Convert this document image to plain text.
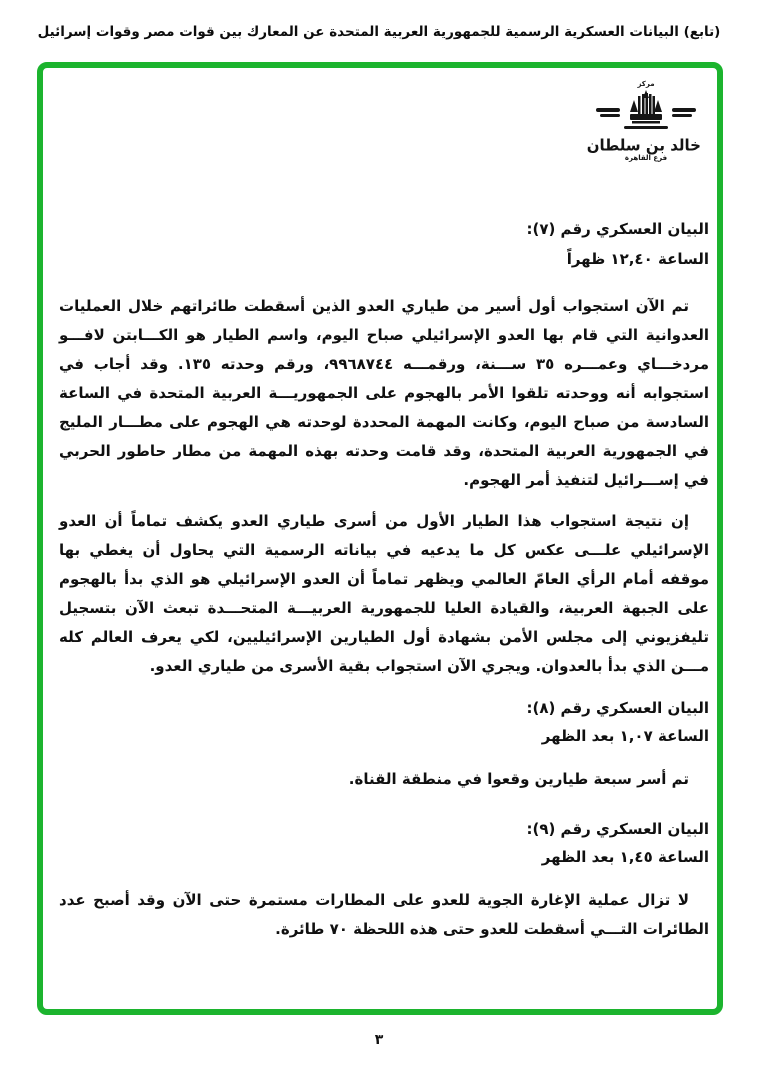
(تابع) البيانات العسكرية الرسمية للجمهورية العربية المتحدة عن المعارك بين قوات مصر وقوات إسرائيل
مركز
خالد بن سلطان
فرع القاهرة
البيان العسكري رقم (٧):
الساعة ١٢,٤٠ ظهراً

تم الآن استجواب أول أسير من طياري العدو الذين أسقطت طائراتهم خلال العمليات العدوانية التي قام بها العدو الإسرائيلي صباح اليوم، واسم الطيار هو الكـــابتن لافـــو مردخـــاي وعمـــره ٣٥ ســـنة، ورقمـــه ٩٩٦٨٧٤٤، ورقم وحدته ١٣٥. وقد أجاب في استجوابه أنه ووحدته تلقوا الأمر بالهجوم على الجمهوريـــة العربية المتحدة في الساعة السادسة من صباح اليوم، وكانت المهمة المحددة لوحدته هي الهجوم على مطـــار المليج في الجمهورية العربية المتحدة، وقد قامت وحدته بهذه المهمة من مطار حاطور الحربي في إســـرائيل لتنفيذ أمر الهجوم.

إن نتيجة استجواب هذا الطيار الأول من أسرى طياري العدو يكشف تماماً أن العدو الإسرائيلي علـــى عكس كل ما يدعيه في بياناته الرسمية التي يحاول أن يغطي بها موقفه أمام الرأي العامّ العالمي ويظهر تماماً أن العدو الإسرائيلي هو الذي بدأ بالهجوم على الجبهة العربية، والقيادة العليا للجمهورية العربيـــة المتحـــدة تبعث الآن بتسجيل تليفزيوني إلى مجلس الأمن بشهادة أول الطيارين الإسرائيليين، لكي يعرف العالم كله مـــن الذي بدأ بالعدوان. ويجري الآن استجواب بقية الأسرى من طياري العدو.

البيان العسكري رقم (٨):
الساعة ١,٠٧ بعد الظهر

تم أسر سبعة طيارين وقعوا في منطقة القناة.

البيان العسكري رقم (٩):
الساعة ١,٤٥ بعد الظهر

لا تزال عملية الإغارة الجوية للعدو على المطارات مستمرة حتى الآن وقد أصبح عدد الطائرات التـــي أسقطت للعدو حتى هذه اللحظة ٧٠ طائرة.

٣
